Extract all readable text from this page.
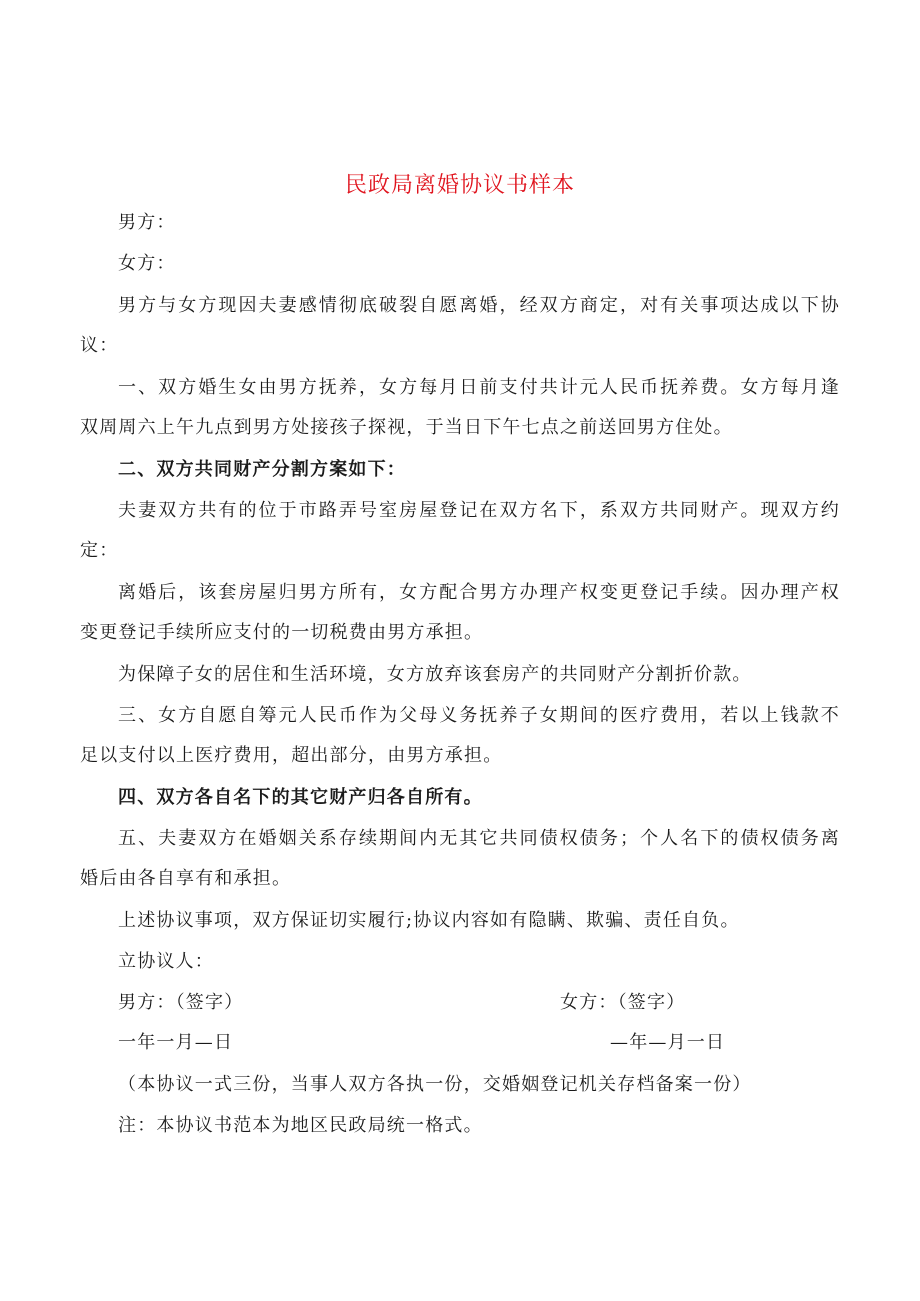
民政局离婚协议书样本
男方：
女方：
男方与女方现因夫妻感情彻底破裂自愿离婚，经双方商定，对有关事项达成以下协
议：
一、双方婚生女由男方抚养，女方每月日前支付共计元人民币抚养费。女方每月逢
双周周六上午九点到男方处接孩子探视，于当日下午七点之前送回男方住处。
二、双方共同财产分割方案如下：
夫妻双方共有的位于市路弄号室房屋登记在双方名下，系双方共同财产。现双方约
定：
离婚后，该套房屋归男方所有，女方配合男方办理产权变更登记手续。因办理产权
变更登记手续所应支付的一切税费由男方承担。
为保障子女的居住和生活环境，女方放弃该套房产的共同财产分割折价款。
三、女方自愿自筹元人民币作为父母义务抚养子女期间的医疗费用，若以上钱款不
足以支付以上医疗费用，超出部分，由男方承担。
四、双方各自名下的其它财产归各自所有。
五、夫妻双方在婚姻关系存续期间内无其它共同债权债务；个人名下的债权债务离
婚后由各自享有和承担。
上述协议事项，双方保证切实履行;协议内容如有隐瞒、欺骗、责任自负。
立协议人：
男方：（签字）	女方：（签字）
一年一月—日	—年—月一日
（本协议一式三份，当事人双方各执一份，交婚姻登记机关存档备案一份）
注：本协议书范本为地区民政局统一格式。
